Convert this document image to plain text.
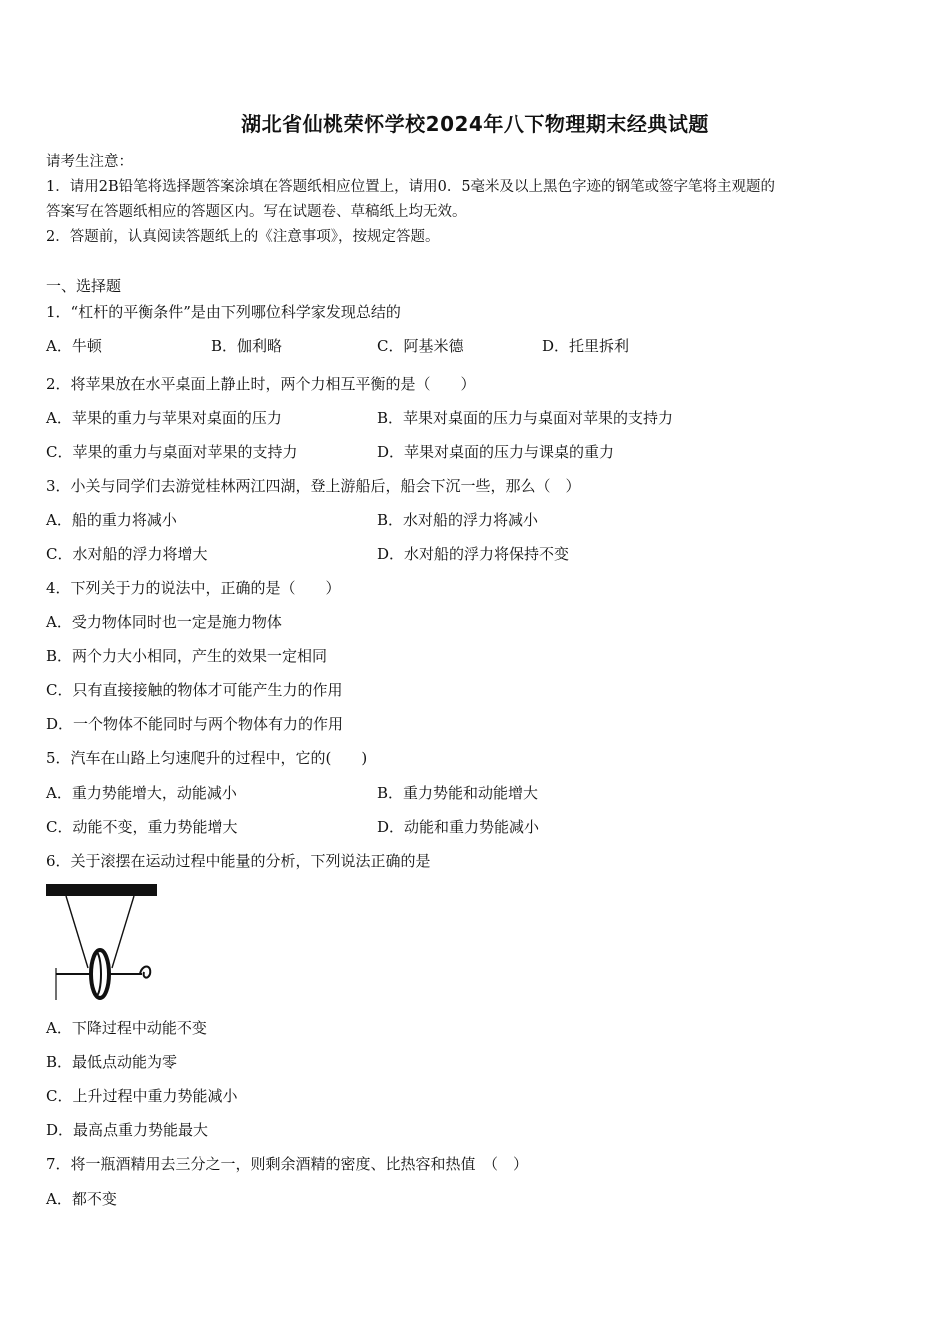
湖北省仙桃荣怀学校2024年八下物理期末经典试题
请考生注意：
1．请用2B铅笔将选择题答案涂填在答题纸相应位置上，请用0．5毫米及以上黑色字迹的钢笔或签字笔将主观题的
答案写在答题纸相应的答题区内。写在试题卷、草稿纸上均无效。
2．答题前，认真阅读答题纸上的《注意事项》，按规定答题。
一、选择题
1．“杠杆的平衡条件”是由下列哪位科学家发现总结的
A．牛顿	B．伽利略	C．阿基米德	D．托里拆利
2．将苹果放在水平桌面上静止时，两个力相互平衡的是（　　）
A．苹果的重力与苹果对桌面的压力	B．苹果对桌面的压力与桌面对苹果的支持力
C．苹果的重力与桌面对苹果的支持力	D．苹果对桌面的压力与课桌的重力
3．小关与同学们去游觉桂林两江四湖，登上游船后，船会下沉一些，那么（　）
A．船的重力将减小	B．水对船的浮力将减小
C．水对船的浮力将增大	D．水对船的浮力将保持不变
4．下列关于力的说法中，正确的是（　　）
A．受力物体同时也一定是施力物体
B．两个力大小相同，产生的效果一定相同
C．只有直接接触的物体才可能产生力的作用
D．一个物体不能同时与两个物体有力的作用
5．汽车在山路上匀速爬升的过程中，它的(　　)
A．重力势能增大，动能减小	B．重力势能和动能增大
C．动能不变，重力势能增大	D．动能和重力势能减小
6．关于滚摆在运动过程中能量的分析，下列说法正确的是
A．下降过程中动能不变
B．最低点动能为零
C．上升过程中重力势能减小
D．最高点重力势能最大
7．将一瓶酒精用去三分之一，则剩余酒精的密度、比热容和热值　（　）
A．都不变
